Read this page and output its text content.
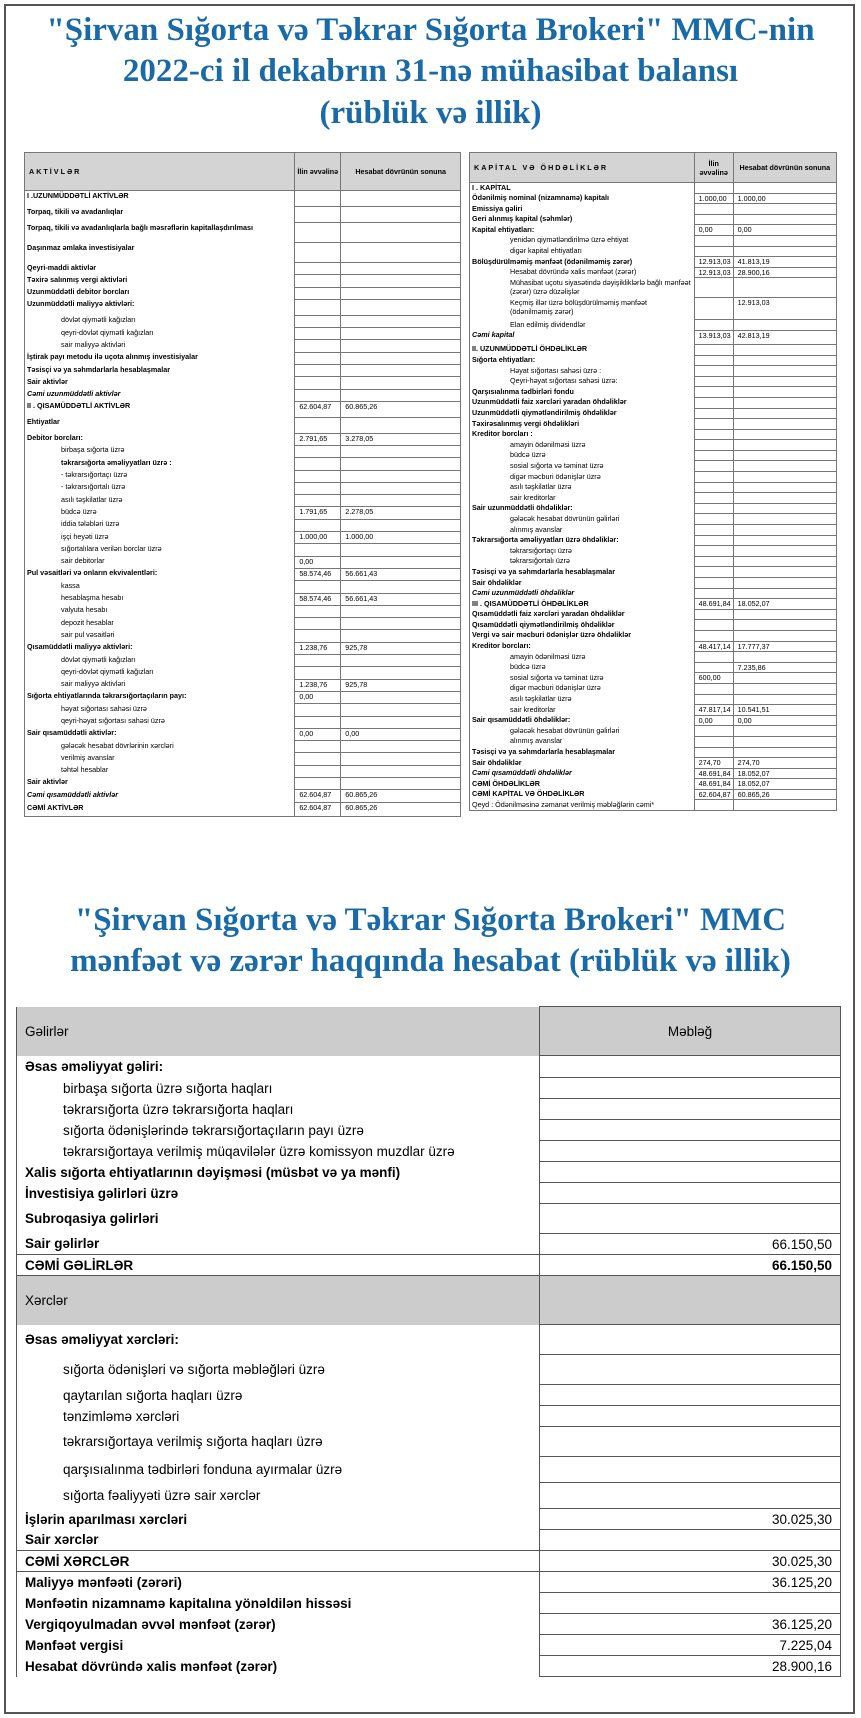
"Şirvan Sığorta və Təkrar Sığorta Brokeri" MMC-nin
2022-ci il dekabrın 31-nə mühasibat balansı
(rüblük və illik)
AKTİVLƏR	İlin əvvəlinə	Hesabat dövrünün sonuna
I .UZUNMÜDDƏTLİ AKTİVLƏR		
Torpaq, tikili və avadanlıqlar		
Torpaq, tikili və avadanlıqlarla bağlı məsrəflərin kapitallaşdırılması		
Daşınmaz əmlaka investisiyalar		
Qeyri-maddi aktivlər		
Təxirə salınmış vergi aktivləri		
Uzunmüddətli debitor borcları		
Uzunmüddətli maliyyə aktivləri:		
dövlət qiymətli kağızları		
qeyri-dövlət qiymətli kağızları		
sair maliyyə aktivləri		
İştirak payı metodu ilə uçota alınmış investisiyalar		
Təsisçi və ya səhmdarlarla hesablaşmalar		
Sair aktivlər		
Cəmi uzunmüddətli aktivlər		
II . QISAMÜDDƏTLİ AKTİVLƏR	62.604,87	60.865,26
Ehtiyatlar		
Debitor borcları:	2.791,65	3.278,05
birbaşa sığorta üzrə		
təkrarsığorta əməliyyatları üzrə :		
- təkrarsığortaçı üzrə		
- təkrarsığortalı üzrə		
asılı təşkilatlar üzrə		
büdcə üzrə	1.791,65	2.278,05
iddia tələbləri üzrə		
işçi heyəti üzrə	1.000,00	1.000,00
sığortalılara verilən borclar üzrə		
sair debitorlar	0,00	
Pul vəsaitləri və onların ekvivalentləri:	58.574,46	56.661,43
kassa		
hesablaşma hesabı	58.574,46	56.661,43
valyuta hesabı		
depozit hesablar		
sair pul vəsaitləri		
Qısamüddətli maliyyə aktivləri:	1.238,76	925,78
dövlət qiymətli kağızları		
qeyri-dövlət qiymətli kağızları		
sair maliyyə aktivləri	1.238,76	925,78
Sığorta ehtiyatlarında təkrarsığortaçıların payı:	0,00	
həyat sığortası sahəsi üzrə		
qeyri-həyat sığortası sahəsi üzrə		
Sair qısamüddətli aktivlər:	0,00	0,00
gələcək hesabat dövrlərinin xərcləri		
verilmiş avanslar		
təhtəl hesablar		
Sair aktivlər		
Cəmi qısamüddətli aktivlər	62.604,87	60.865,26
CƏMİ AKTİVLƏR	62.604,87	60.865,26
KAPİTAL VƏ ÖHDƏLİKLƏR	İlin əvvəlinə	Hesabat dövrünün sonuna
I . KAPİTAL		
Ödənilmiş nominal (nizamnamə) kapitalı	1.000,00	1.000,00
Emissiya gəliri		
Geri alınmış kapital (səhmlər)		
Kapital ehtiyatları:	0,00	0,00
yenidən qiymətləndirilmə üzrə ehtiyat		
digər kapital ehtiyatları		
Bölüşdürülməmiş mənfəət (ödənilməmiş zərər)	12.913,03	41.813,19
Hesabat dövründə xalis mənfəət (zərər)	12.913,03	28.900,16
Mühasibat uçotu siyasətində dəyişikliklərlə bağlı mənfəət (zərər) üzrə düzəlişlər		
Keçmiş illər üzrə bölüşdürülməmiş mənfəət (ödənilməmiş zərər)		12.913,03
Elan edilmiş dividendlər		
Cəmi kapital	13.913,03	42.813,19
II. UZUNMÜDDƏTLİ ÖHDƏLİKLƏR		
Sığorta ehtiyatları:		
Həyat sığortası sahəsi üzrə :		
Qeyri-həyat sığortası sahəsi üzrə:		
Qarşısıalınma tədbirləri fondu		
Uzunmüddətli faiz xərcləri yaradan öhdəliklər		
Uzunmüddətli qiymətləndirilmiş öhdəliklər		
Təxirəsalınmış vergi öhdəlikləri		
Kreditor borcları :		
amayin ödənilməsi üzrə		
büdcə üzrə		
sosial sığorta və təminat üzrə		
digər məcburi ödənişlər üzrə		
asılı təşkilatlar üzrə		
sair kreditorlar		
Sair uzunmüddətli öhdəliklər:		
gələcək hesabat dövrünün gəlirləri		
alınmış avanslar		
Təkrarsığorta əməliyyatları üzrə öhdəliklər:		
təkrarsığortaçı üzrə		
təkrarsığortalı üzrə		
Təsisçi və ya səhmdarlarla hesablaşmalar		
Sair öhdəliklər		
Cəmi uzunmüddətli öhdəliklər		
III . QISAMÜDDƏTLİ ÖHDƏLİKLƏR	48.691,84	18.052,07
Qısamüddətli faiz xərcləri yaradan öhdəliklər		
Qısamüddətli qiymətləndirilmiş öhdəliklər		
Vergi və sair məcburi ödənişlər üzrə öhdəliklər		
Kreditor borcları:	48.417,14	17.777,37
amayin ödənilməsi üzrə		
büdcə üzrə		7.235,86
sosial sığorta və təminat üzrə	600,00	
digər məcburi ödənişlər üzrə		
asılı təşkilatlar üzrə		
sair kreditorlar	47.817,14	10.541,51
Sair qısamüddətli öhdəliklər:	0,00	0,00
gələcək hesabat dövrünün gəlirləri		
alınmış avanslar		
Təsisçi və ya səhmdarlarla hesablaşmalar		
Sair öhdəliklər	274,70	274,70
Cəmi qısamüddətli öhdəliklər	48.691,84	18.052,07
CƏMİ ÖHDƏLİKLƏR	48.691,84	18.052,07
CƏMİ KAPİTAL VƏ ÖHDƏLİKLƏR	62.604,87	60.865,26
Qeyd : Ödənilməsinə zəmanət verilmiş məbləğlərin cəmi*		
"Şirvan Sığorta və Təkrar Sığorta Brokeri" MMC
mənfəət və zərər haqqında hesabat (rüblük və illik)
Gəlirlər	Məbləğ
Əsas əməliyyat gəliri:	
birbaşa sığorta üzrə sığorta haqları	
təkrarsığorta üzrə təkrarsığorta haqları	
sığorta ödənişlərində təkrarsığortaçıların payı üzrə	
təkrarsığortaya verilmiş müqavilələr üzrə komissyon muzdlar üzrə	
Xalis sığorta ehtiyatlarının dəyişməsi (müsbət və ya mənfi)	
İnvestisiya gəlirləri üzrə	
Subroqasiya gəlirləri	
Sair gəlirlər	66.150,50
CƏMİ GƏLİRLƏR	66.150,50
Xərclər	
Əsas əməliyyat xərcləri:	
sığorta ödənişləri və sığorta məbləğləri üzrə	
qaytarılan sığorta haqları üzrə	
tənzimləmə xərcləri	
təkrarsığortaya verilmiş sığorta haqları üzrə	
qarşısıalınma tədbirləri fonduna ayırmalar üzrə	
sığorta fəaliyyəti üzrə sair xərclər	
İşlərin aparılması xərcləri	30.025,30
Sair xərclər	
CƏMİ XƏRCLƏR	30.025,30
Maliyyə mənfəəti (zərəri)	36.125,20
Mənfəətin nizamnamə kapitalına yönəldilən hissəsi	
Vergiqoyulmadan əvvəl mənfəət (zərər)	36.125,20
Mənfəət vergisi	7.225,04
Hesabat dövründə xalis mənfəət (zərər)	28.900,16
